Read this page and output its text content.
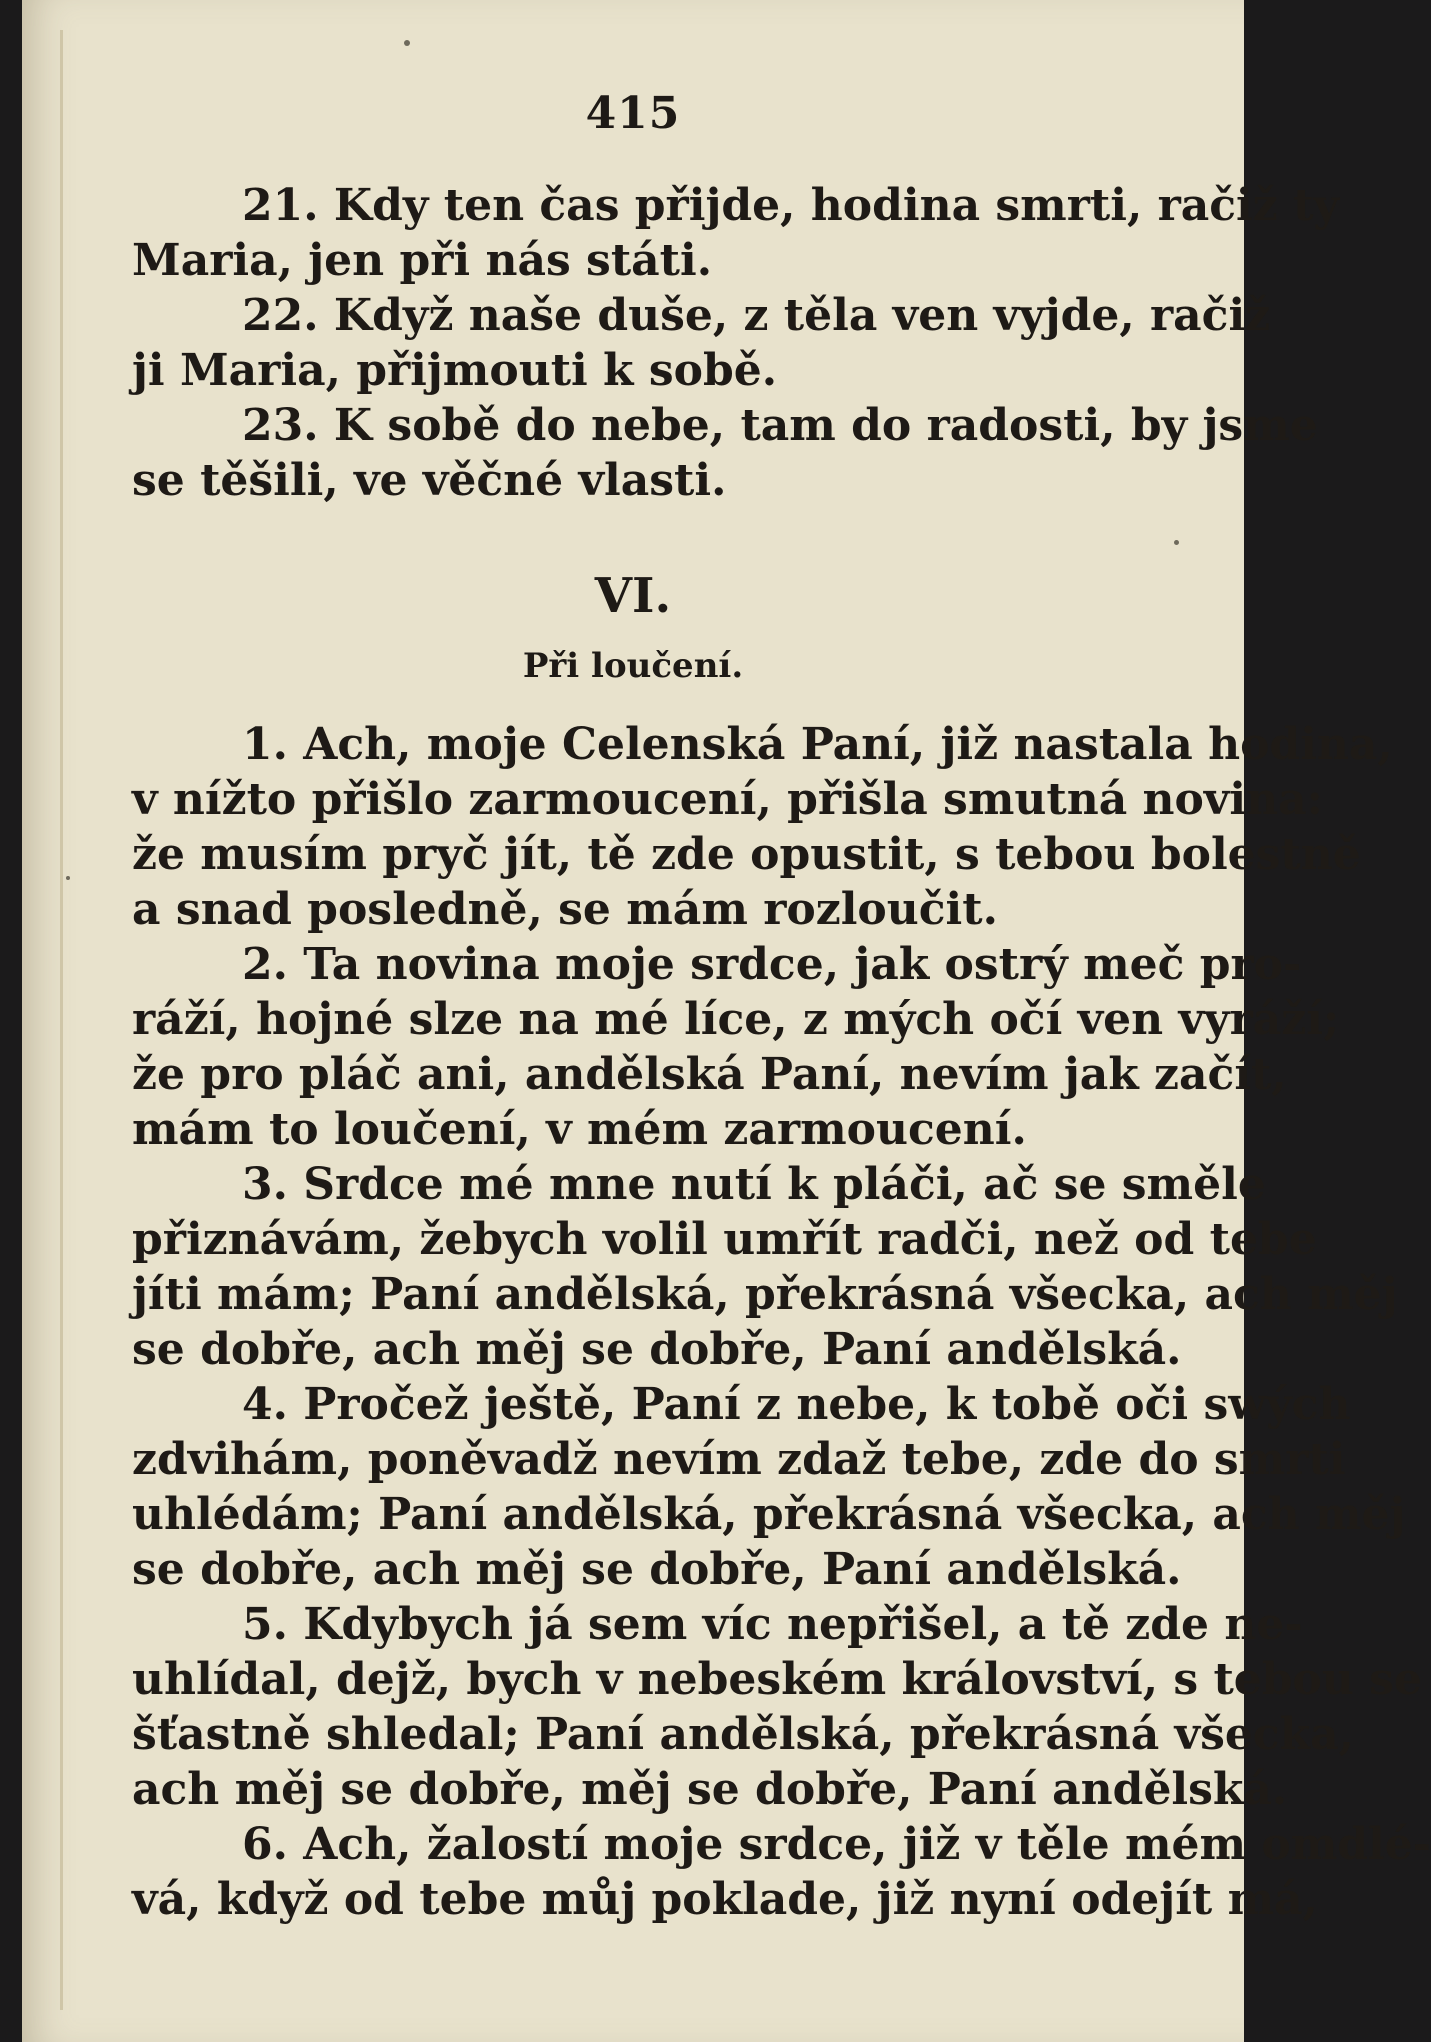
415
21. Kdy ten čas přijde, hodina smrti, račiž ty
Maria, jen při nás státi.
22. Když naše duše, z těla ven vyjde, račiž
ji Maria, přijmouti k sobě.
23. K sobě do nebe, tam do radosti, by jsme
se těšili, ve věčné vlasti.
VI.
Při loučení.
1. Ach, moje Celenská Paní, již nastala hodina,
v nížto přišlo zarmoucení, přišla smutná novina:
že musím pryč jít, tě zde opustit, s tebou bolestně
a snad posledně, se mám rozloučit.
2. Ta novina moje srdce, jak ostrý meč pro-
ráží, hojné slze na mé líce, z mých očí ven vyráží;
že pro pláč ani, andělská Paní, nevím jak začít,
mám to loučení, v mém zarmoucení.
3. Srdce mé mne nutí k pláči, ač se směle
přiznávám, žebych volil umřít radči, než od tebe
jíti mám; Paní andělská, překrásná všecka, ach měj
se dobře, ach měj se dobře, Paní andělská.
4. Pročež ještě, Paní z nebe, k tobě oči swých
zdvihám, poněvadž nevím zdaž tebe, zde do smrti
uhlédám; Paní andělská, překrásná všecka, ach měj
se dobře, ach měj se dobře, Paní andělská.
5. Kdybych já sem víc nepřišel, a tě zde ne-
uhlídal, dejž, bych v nebeském království, s tebou se
šťastně shledal; Paní andělská, překrásná všecka,
ach měj se dobře, měj se dobře, Paní andělská.
6. Ach, žalostí moje srdce, již v těle mém omdlé-
vá, když od tebe můj poklade, již nyní odejít má,
